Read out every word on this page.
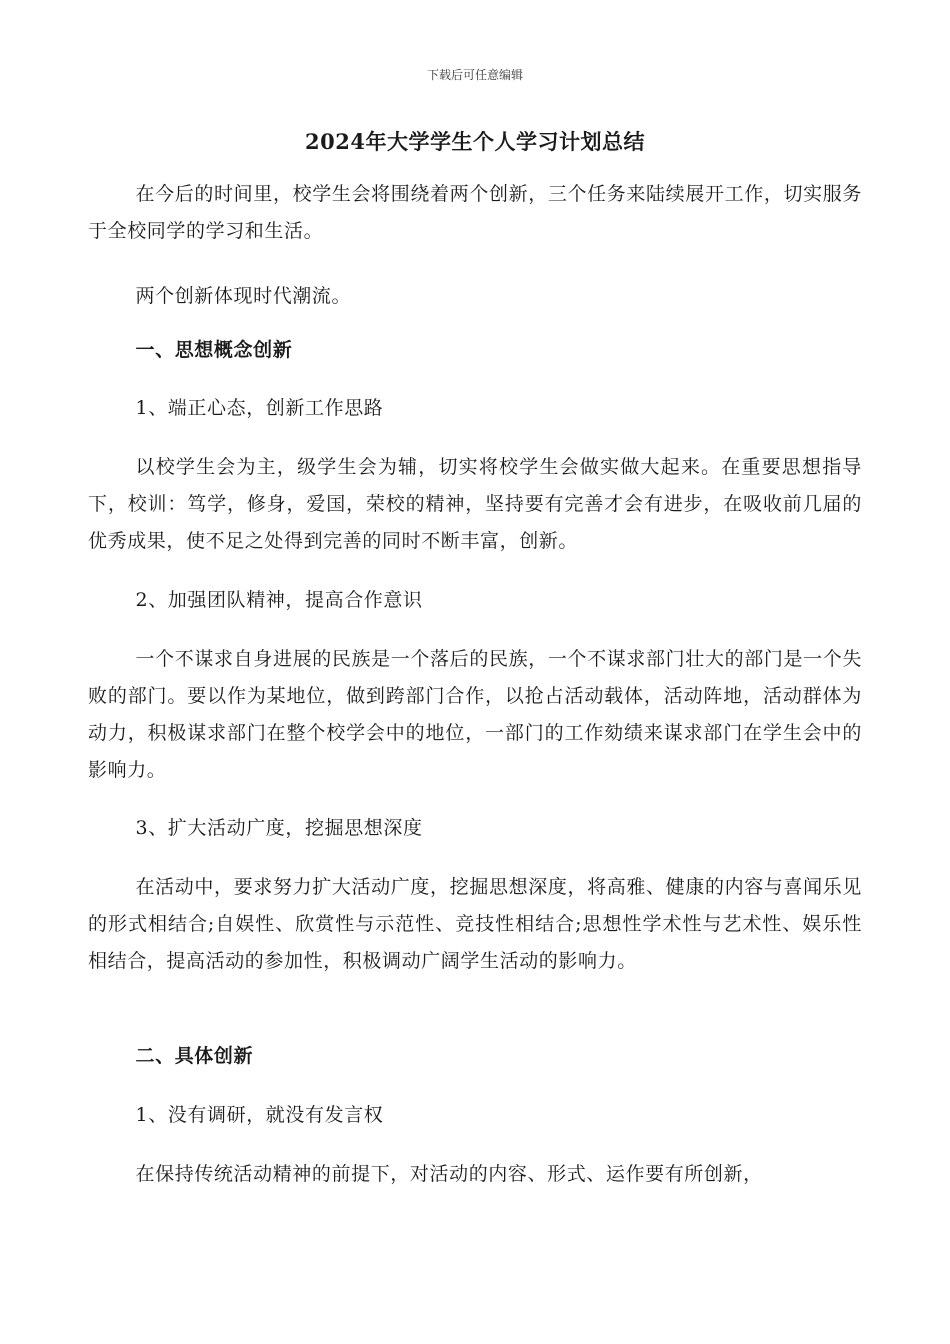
下载后可任意编辑
2024年大学学生个人学习计划总结
在今后的时间里，校学生会将围绕着两个创新，三个任务来陆续展开工作，切实服务于全校同学的学习和生活。
两个创新体现时代潮流。
一、思想概念创新
1、端正心态，创新工作思路
以校学生会为主，级学生会为辅，切实将校学生会做实做大起来。在重要思想指导下，校训：笃学，修身，爱国，荣校的精神，坚持要有完善才会有进步，在吸收前几届的优秀成果，使不足之处得到完善的同时不断丰富，创新。
2、加强团队精神，提高合作意识
一个不谋求自身进展的民族是一个落后的民族，一个不谋求部门壮大的部门是一个失败的部门。要以作为某地位，做到跨部门合作，以抢占活动载体，活动阵地，活动群体为动力，积极谋求部门在整个校学会中的地位，一部门的工作劾绩来谋求部门在学生会中的影响力。
3、扩大活动广度，挖掘思想深度
在活动中，要求努力扩大活动广度，挖掘思想深度，将高雅、健康的内容与喜闻乐见的形式相结合;自娱性、欣赏性与示范性、竞技性相结合;思想性学术性与艺术性、娱乐性相结合，提高活动的参加性，积极调动广阔学生活动的影响力。
二、具体创新
1、没有调研，就没有发言权
在保持传统活动精神的前提下，对活动的内容、形式、运作要有所创新，
